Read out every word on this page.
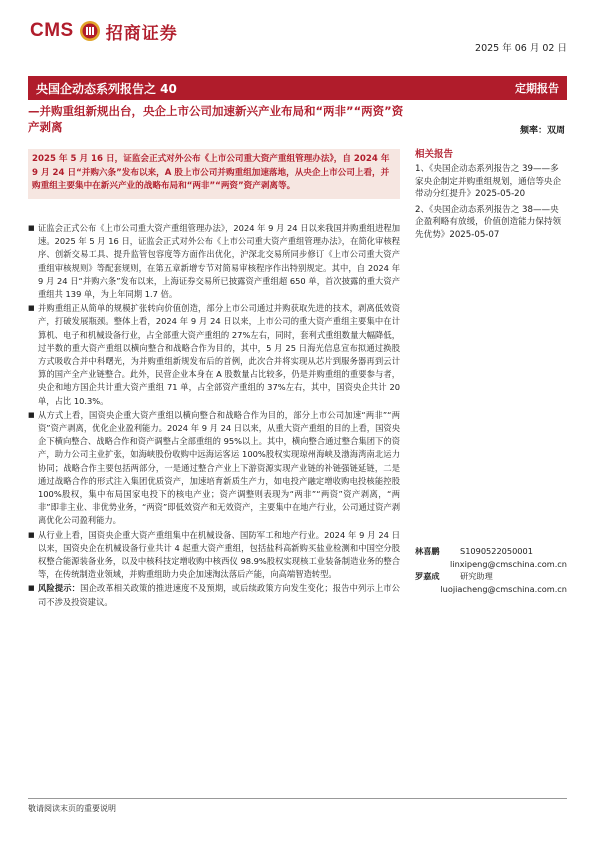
CMS 招商证券
2025 年 06 月 02 日
央国企动态系列报告之 40	定期报告
—并购重组新规出台，央企上市公司加速新兴产业布局和“两非”“两资”资产剥离	频率：双周
2025 年 5 月 16 日，证监会正式对外公布《上市公司重大资产重组管理办法》，自 2024 年 9 月 24 日“并购六条”发布以来，A 股上市公司并购重组加速落地，从央企上市公司上看，并购重组主要集中在新兴产业的战略布局和“两非”“两资”资产剥离等。
■ 证监会正式公布《上市公司重大资产重组管理办法》，2024 年 9 月 24 日以来我国并购重组进程加速。2025 年 5 月 16 日，证监会正式对外公布《上市公司重大资产重组管理办法》，在简化审核程序、创新交易工具、提升监管包容度等方面作出优化，沪深北交易所同步修订《上市公司重大资产重组审核规则》等配套规则，在第五章新增专节对简易审核程序作出特别规定。其中，自 2024 年 9 月 24 日“并购六条”发布以来，上海证券交易所已披露资产重组超 650 单，首次披露的重大资产重组共 139 单，为上年同期 1.7 倍。
■ 并购重组正从简单的规模扩张转向价值创造，部分上市公司通过并购获取先进的技术，剥离低效资产，打破发展瓶颈。整体上看，2024 年 9 月 24 日以来，上市公司的重大资产重组主要集中在计算机、电子和机械设备行业，占全部重大资产重组的 27%左右，同时，套利式重组数量大幅降低，过半数的重大资产重组以横向整合和战略合作为目的，其中，5 月 25 日海光信息宣布拟通过换股方式吸收合并中科曙光，为并购重组新规发布后的首例，此次合并将实现从芯片到服务器再到云计算的国产全产业链整合。此外，民营企业本身在 A 股数量占比较多，仍是并购重组的重要参与者，央企和地方国企共计重大资产重组 71 单，占全部资产重组的 37%左右，其中，国资央企共计 20 单，占比 10.3%。
■ 从方式上看，国资央企重大资产重组以横向整合和战略合作为目的，部分上市公司加速“两非”“两资”资产剥离，优化企业盈利能力。2024 年 9 月 24 日以来，从重大资产重组的目的上看，国资央企下横向整合、战略合作和资产调整占全部重组的 95%以上。其中，横向整合通过整合集团下的资产，助力公司主业扩张，如海峡股份收购中远海运客运 100%股权实现琼州海峡及渤海湾南北运力协同；战略合作主要包括两部分，一是通过整合产业上下游资源实现产业链的补链强链延链，二是通过战略合作的形式注入集团优质资产，加速培育新质生产力，如电投产融定增收购电投核能控股 100%股权，集中布局国家电投下的核电产业；资产调整则表现为“两非”“两资”资产剥离，“两非”即非主业、非优势业务，“两资”即低效资产和无效资产，主要集中在地产行业，公司通过资产剥离优化公司盈利能力。
■ 从行业上看，国资央企重大资产重组集中在机械设备、国防军工和地产行业。2024 年 9 月 24 日以来，国资央企在机械设备行业共计 4 起重大资产重组，包括盐科高新购买盐业检测和中国空分股权整合能源装备业务，以及中核科技定增收购中核西仪 98.9%股权实现核工业装备制造业务的整合等，在传统制造业领域，并购重组助力央企加速淘汰落后产能，向高端智造转型。
■ 风险提示：国企改革相关政策的推进速度不及预期，或后续政策方向发生变化；报告中列示上市公司不涉及投资建议。
相关报告
1、《央国企动态系列报告之 39——多家央企制定并购重组规划，通信等央企带动分红提升》2025-05-20
2、《央国企动态系列报告之 38——央企盈利略有放缓，价值创造能力保持领先优势》2025-05-07
林喜鹏	S1090522050001
linxipeng@cmschina.com.cn
罗嘉成	研究助理
luojiacheng@cmschina.com.cn
敬请阅读末页的重要说明
